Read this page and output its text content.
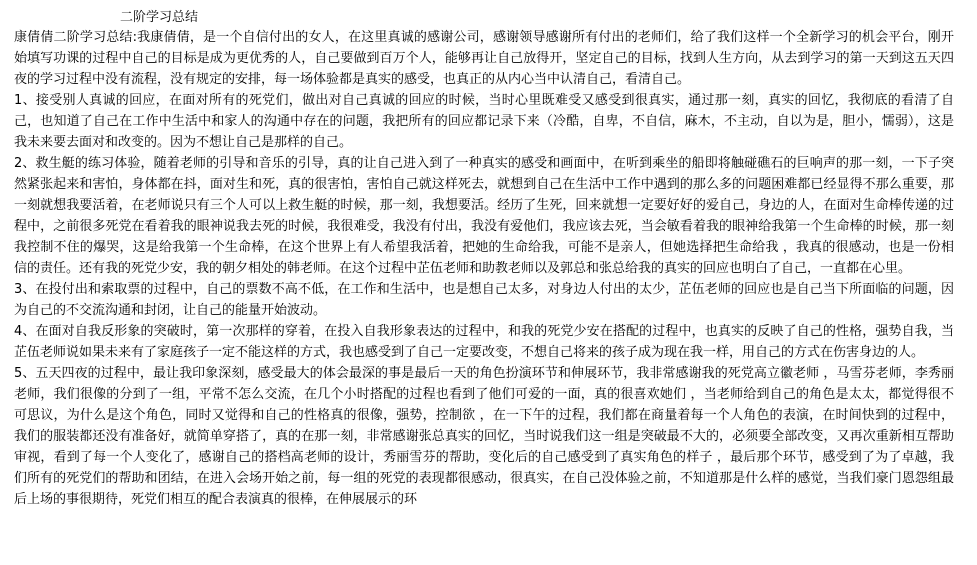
二阶学习总结

康倩倩二阶学习总结:我康倩倩，是一个自信付出的女人，在这里真诚的感谢公司，感谢领导感谢所有付出的老师们，给了我们这样一个全新学习的机会平台，刚开始填写功课的过程中自己的目标是成为更优秀的人，自己要做到百万个人，能够再让自己放得开，坚定自己的目标，找到人生方向，从去到学习的第一天到这五天四夜的学习过程中没有流程，没有规定的安排，每一场体验都是真实的感受，也真正的从内心当中认清自己，看清自己。

1、接受别人真诚的回应，在面对所有的死党们，做出对自己真诚的回应的时候，当时心里既难受又感受到很真实，通过那一刻，真实的回忆，我彻底的看清了自己，也知道了自己在工作中生活中和家人的沟通中存在的问题，我把所有的回应都记录下来（冷酷，自卑，不自信，麻木，不主动，自以为是，胆小，懦弱），这是我未来要去面对和改变的。因为不想让自己是那样的自己。

2、救生艇的练习体验，随着老师的引导和音乐的引导，真的让自己进入到了一种真实的感受和画面中，在听到乘坐的船即将触碰礁石的巨响声的那一刻，一下子突然紧张起来和害怕，身体都在抖，面对生和死，真的很害怕，害怕自己就这样死去，就想到自己在生活中工作中遇到的那么多的问题困难都已经显得不那么重要，那一刻就想我要活着，在老师说只有三个人可以上救生艇的时候，那一刻，我想要活。经历了生死，回来就想一定要好好的爱自己，身边的人，在面对生命棒传递的过程中，之前很多死党在看着我的眼神说我去死的时候，我很难受，我没有付出，我没有爱他们，我应该去死，当会敏看着我的眼神给我第一个生命棒的时候，那一刻我控制不住的爆哭，这是给我第一个生命棒，在这个世界上有人希望我活着，把她的生命给我，可能不是亲人，但她选择把生命给我 ，我真的很感动，也是一份相信的责任。还有我的死党少安，我的朝夕相处的韩老师。在这个过程中芷伍老师和助教老师以及郭总和张总给我的真实的回应也明白了自己，一直都在心里。

3、在投付出和索取票的过程中，自己的票数不高不低，在工作和生活中，也是想自己太多，对身边人付出的太少，芷伍老师的回应也是自己当下所面临的问题，因为自己的不交流沟通和封闭，让自己的能量开始波动。

4、在面对自我反形象的突破时，第一次那样的穿着，在投入自我形象表达的过程中，和我的死党少安在搭配的过程中，也真实的反映了自己的性格，强势自我，当芷伍老师说如果未来有了家庭孩子一定不能这样的方式，我也感受到了自己一定要改变，不想自己将来的孩子成为现在我一样，用自己的方式在伤害身边的人。

5、五天四夜的过程中，最让我印象深刻，感受最大的体会最深的事是最后一天的角色扮演环节和伸展环节，我非常感谢我的死党高立徽老师 ，马雪芬老师，李秀丽老师，我们很像的分到了一组，平常不怎么交流，在几个小时搭配的过程也看到了他们可爱的一面，真的很喜欢她们 ，当老师给到自己的角色是太太，都觉得很不可思议，为什么是这个角色，同时又觉得和自己的性格真的很像，强势，控制欲 ，在一下午的过程，我们都在商量着每一个人角色的表演，在时间快到的过程中，我们的服装都还没有准备好，就简单穿搭了，真的在那一刻，非常感谢张总真实的回忆，当时说我们这一组是突破最不大的，必须要全部改变，又再次重新相互帮助审视，看到了每一个人变化了，感谢自己的搭档高老师的设计，秀丽雪芬的帮助，变化后的自己感受到了真实角色的样子 ，最后那个环节，感受到了为了卓越，我们所有的死党们的帮助和团结，在进入会场开始之前，每一组的死党的表现都很感动，很真实，在自己没体验之前，不知道那是什么样的感觉，当我们豪门恩怨组最后上场的事很期待，死党们相互的配合表演真的很棒，在伸展展示的环
